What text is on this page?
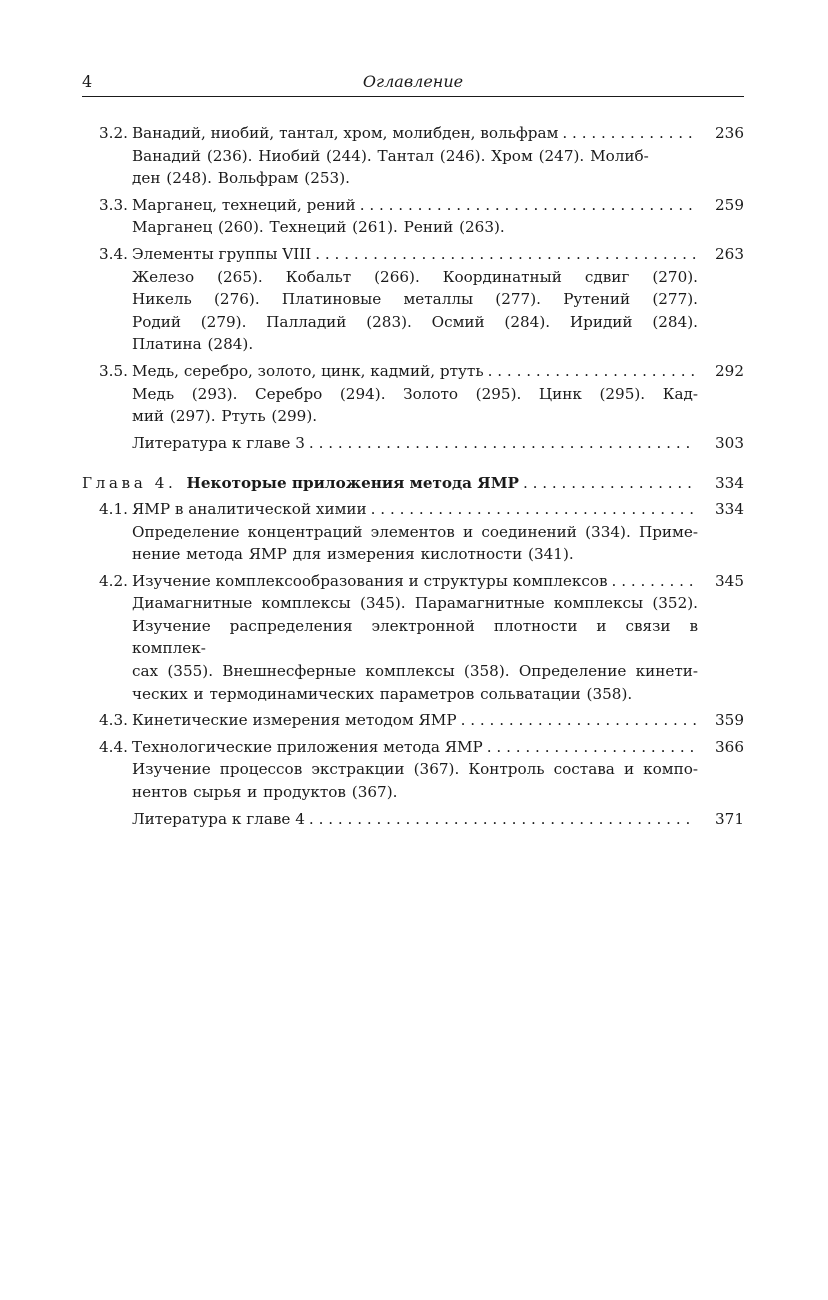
4	Оглавление
3.2. Ванадий, ниобий, тантал, хром, молибден, вольфрам . . .	236
Ванадий (236). Ниобий (244). Тантал (246). Хром (247). Молиб-
ден (248). Вольфрам (253).
3.3. Марганец, технеций, рений . . .	259
Марганец (260). Технеций (261). Рений (263).
3.4. Элементы группы VIII . . .	263
Железо (265). Кобальт (266). Координатный сдвиг (270).
Никель (276). Платиновые металлы (277). Рутений (277).
Родий (279). Палладий (283). Осмий (284). Иридий (284).
Платина (284).
3.5. Медь, серебро, золото, цинк, кадмий, ртуть . . .	292
Медь (293). Серебро (294). Золото (295). Цинк (295). Кад-
мий (297). Ртуть (299).
Литература к главе 3 . . .	303
Глава 4. Некоторые приложения метода ЯМР . . .	334
4.1. ЯМР в аналитической химии . . .	334
Определение концентраций элементов и соединений (334). Приме-
нение метода ЯМР для измерения кислотности (341).
4.2. Изучение комплексообразования и структуры комплексов . . .	345
Диамагнитные комплексы (345). Парамагнитные комплексы (352).
Изучение распределения электронной плотности и связи в комплек-
сах (355). Внешнесферные комплексы (358). Определение кинети-
ческих и термодинамических параметров сольватации (358).
4.3. Кинетические измерения методом ЯМР . . .	359
4.4. Технологические приложения метода ЯМР . . .	366
Изучение процессов экстракции (367). Контроль состава и компо-
нентов сырья и продуктов (367).
Литература к главе 4 . . .	371
